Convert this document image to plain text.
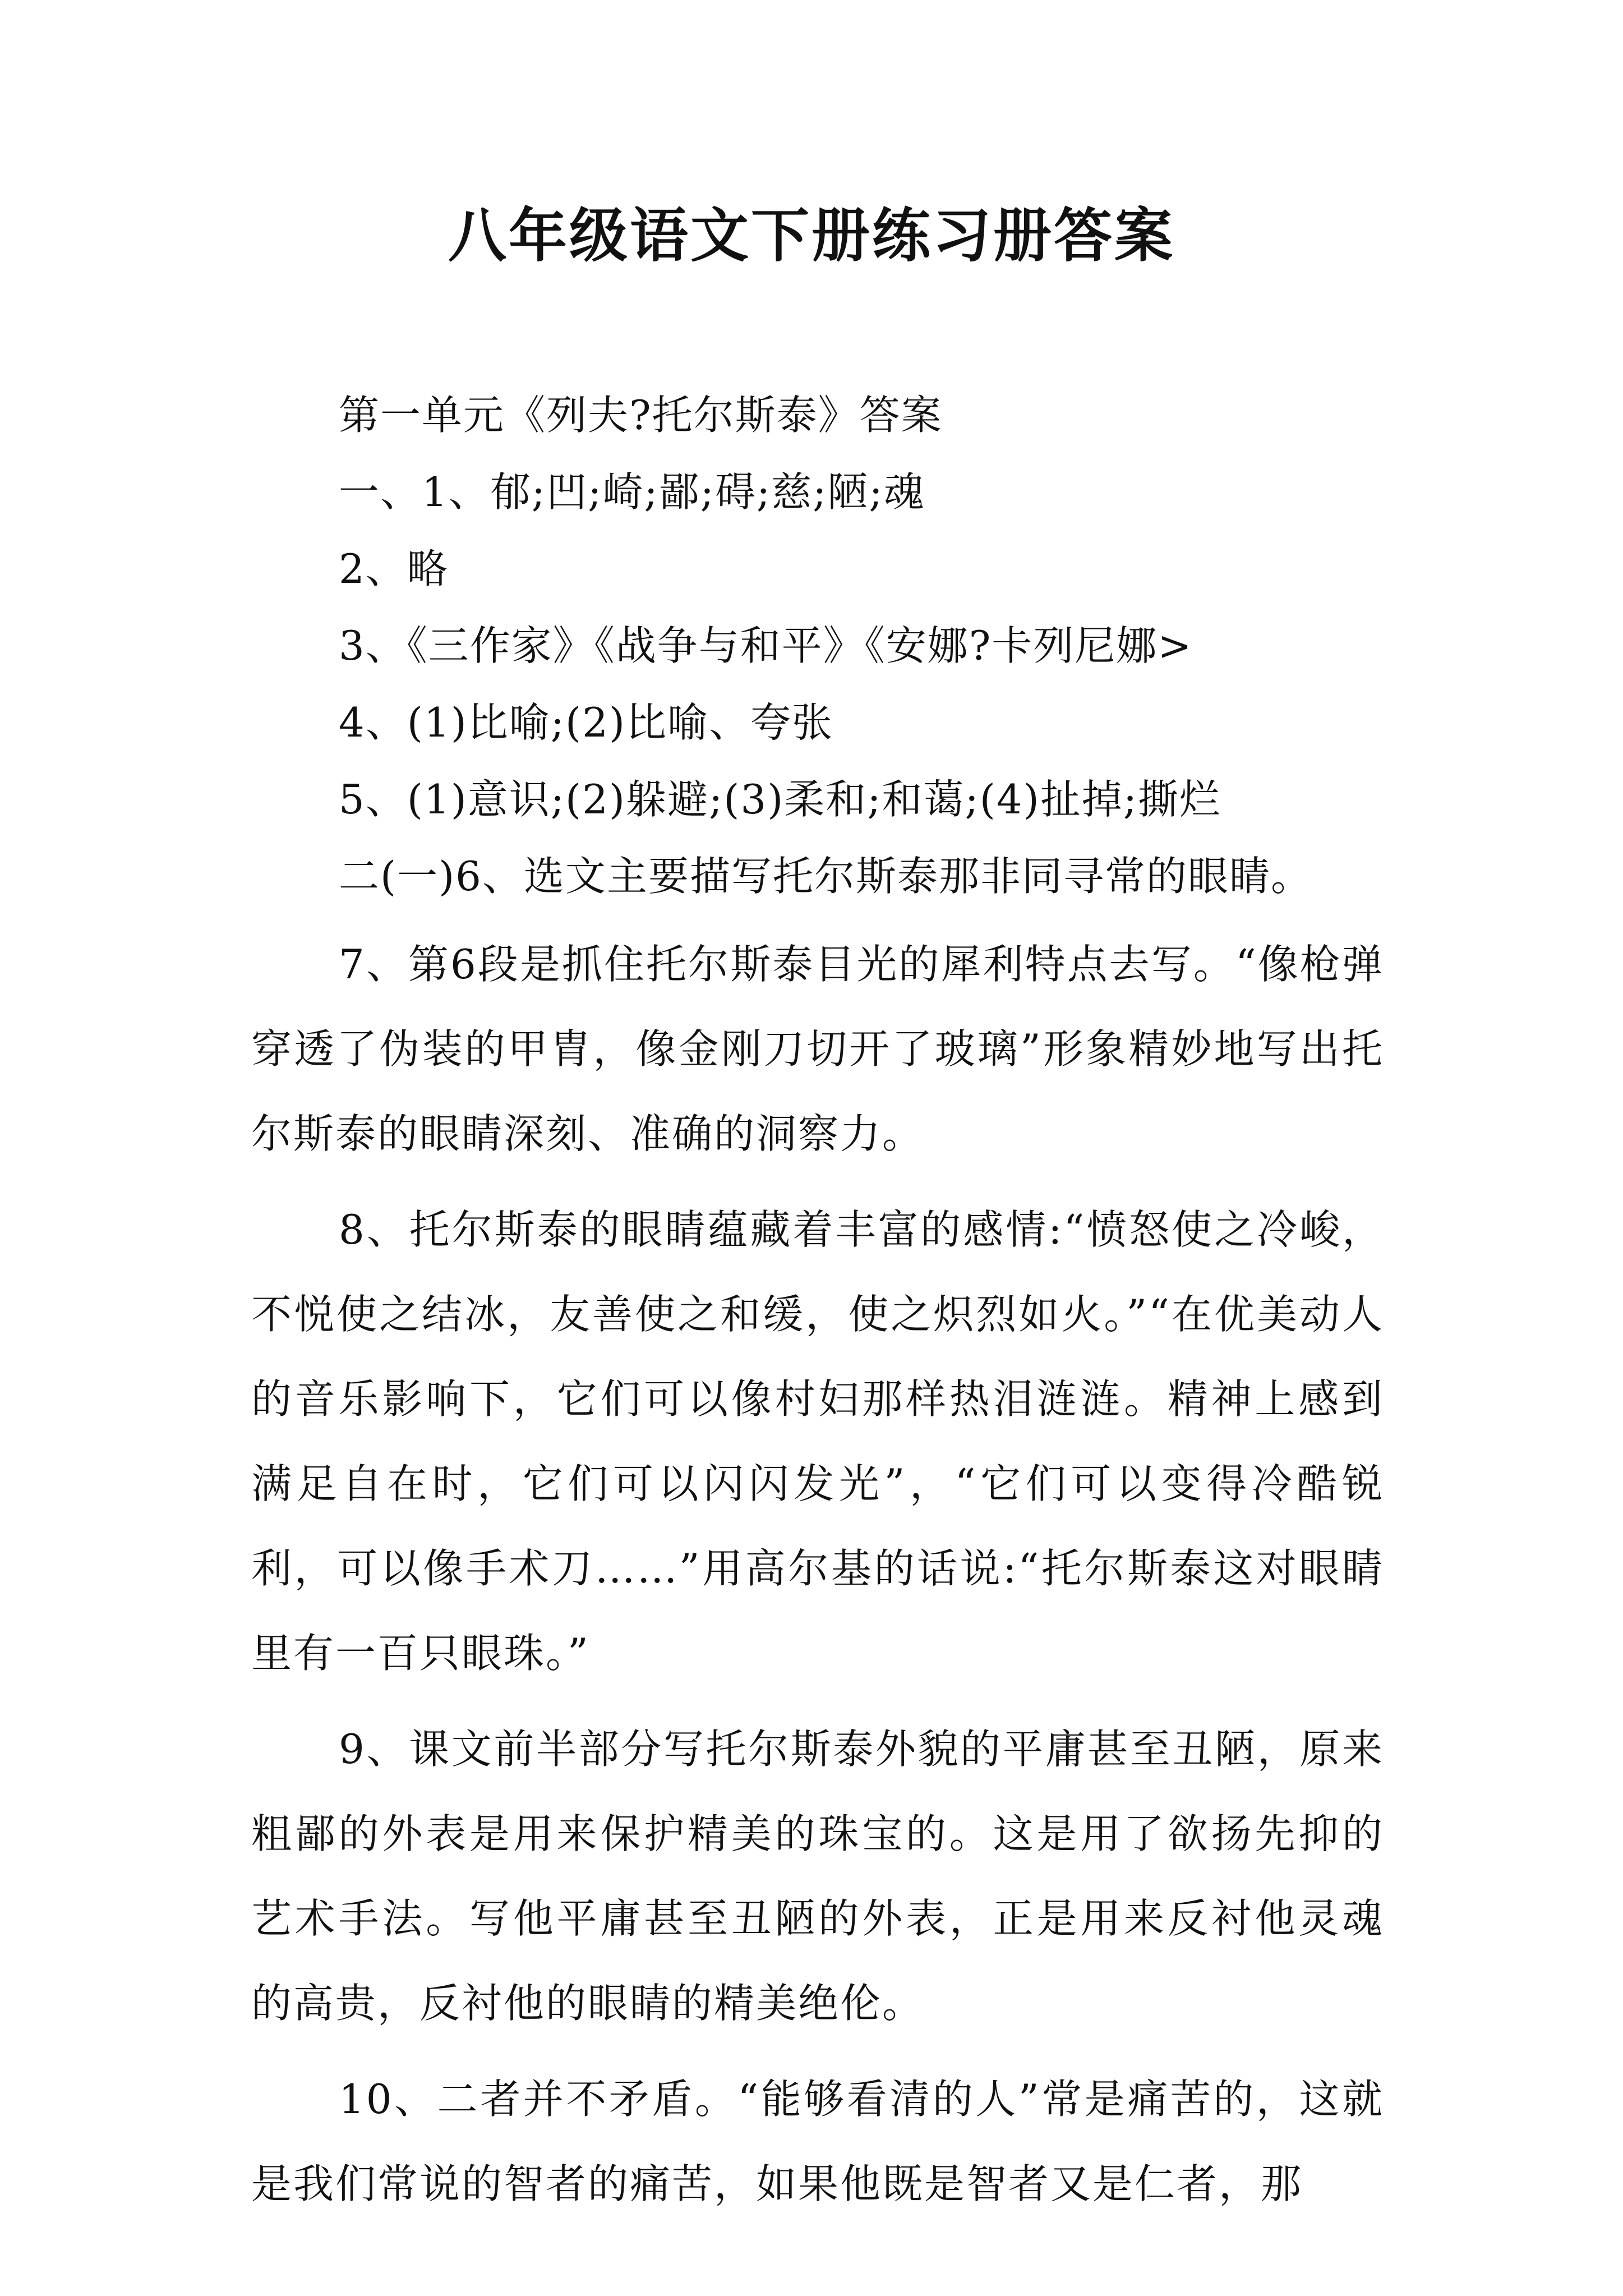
八年级语文下册练习册答案

第一单元《列夫?托尔斯泰》答案

一、1、郁;凹;崎;鄙;碍;慈;陋;魂

2、略

3、《三作家》《战争与和平》《安娜?卡列尼娜>

4、(1)比喻;(2)比喻、夸张

5、(1)意识;(2)躲避;(3)柔和;和蔼;(4)扯掉;撕烂

二(一)6、选文主要描写托尔斯泰那非同寻常的眼睛。

7、第6段是抓住托尔斯泰目光的犀利特点去写。“像枪弹穿透了伪装的甲胄，像金刚刀切开了玻璃”形象精妙地写出托尔斯泰的眼睛深刻、准确的洞察力。

8、托尔斯泰的眼睛蕴藏着丰富的感情:“愤怒使之冷峻，不悦使之结冰，友善使之和缓，使之炽烈如火。”“在优美动人的音乐影响下，它们可以像村妇那样热泪涟涟。精神上感到满足自在时，它们可以闪闪发光”，“它们可以变得冷酷锐利，可以像手术刀……”用高尔基的话说:“托尔斯泰这对眼睛里有一百只眼珠。”

9、课文前半部分写托尔斯泰外貌的平庸甚至丑陋，原来粗鄙的外表是用来保护精美的珠宝的。这是用了欲扬先抑的艺术手法。写他平庸甚至丑陋的外表，正是用来反衬他灵魂的高贵，反衬他的眼睛的精美绝伦。

10、二者并不矛盾。“能够看清的人”常是痛苦的，这就是我们常说的智者的痛苦，如果他既是智者又是仁者，那
